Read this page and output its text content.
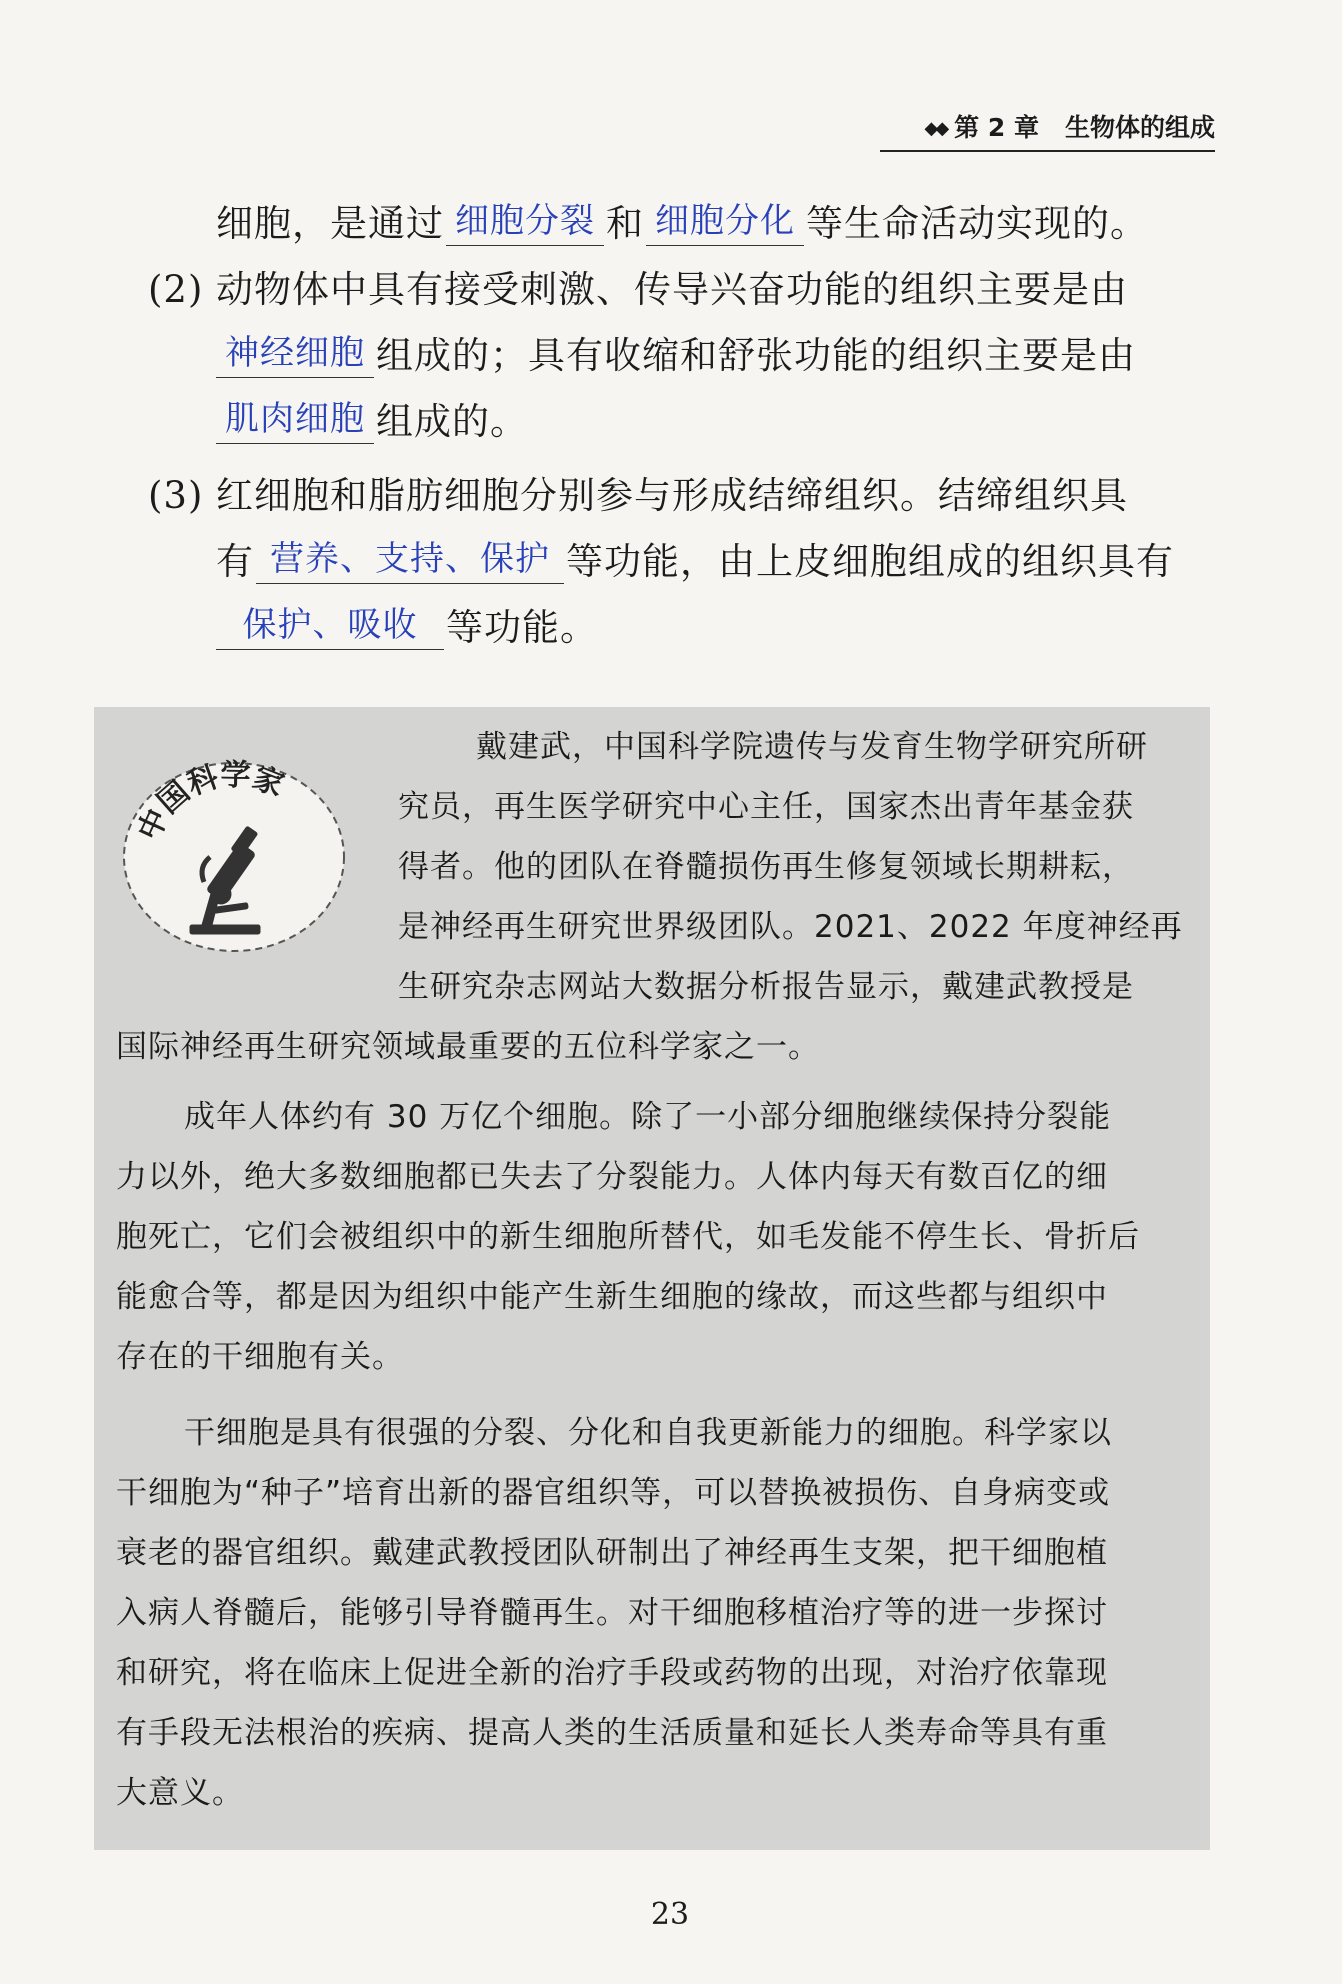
◆◆ 第 2 章 生物体的组成
细胞，是通过 细胞分裂 和 细胞分化 等生命活动实现的。
(2) 动物体中具有接受刺激、传导兴奋功能的组织主要是由
神经细胞 组成的；具有收缩和舒张功能的组织主要是由
肌肉细胞 组成的。
(3) 红细胞和脂肪细胞分别参与形成结缔组织。结缔组织具
有 营养、支持、保护 等功能，由上皮细胞组成的组织具有
保护、吸收 等功能。
中国科学家
戴建武，中国科学院遗传与发育生物学研究所研
究员，再生医学研究中心主任，国家杰出青年基金获
得者。他的团队在脊髓损伤再生修复领域长期耕耘，
是神经再生研究世界级团队。2021、2022 年度神经再
生研究杂志网站大数据分析报告显示，戴建武教授是
国际神经再生研究领域最重要的五位科学家之一。
成年人体约有 30 万亿个细胞。除了一小部分细胞继续保持分裂能
力以外，绝大多数细胞都已失去了分裂能力。人体内每天有数百亿的细
胞死亡，它们会被组织中的新生细胞所替代，如毛发能不停生长、骨折后
能愈合等，都是因为组织中能产生新生细胞的缘故，而这些都与组织中
存在的干细胞有关。
干细胞是具有很强的分裂、分化和自我更新能力的细胞。科学家以
干细胞为“种子”培育出新的器官组织等，可以替换被损伤、自身病变或
衰老的器官组织。戴建武教授团队研制出了神经再生支架，把干细胞植
入病人脊髓后，能够引导脊髓再生。对干细胞移植治疗等的进一步探讨
和研究，将在临床上促进全新的治疗手段或药物的出现，对治疗依靠现
有手段无法根治的疾病、提高人类的生活质量和延长人类寿命等具有重
大意义。
23
